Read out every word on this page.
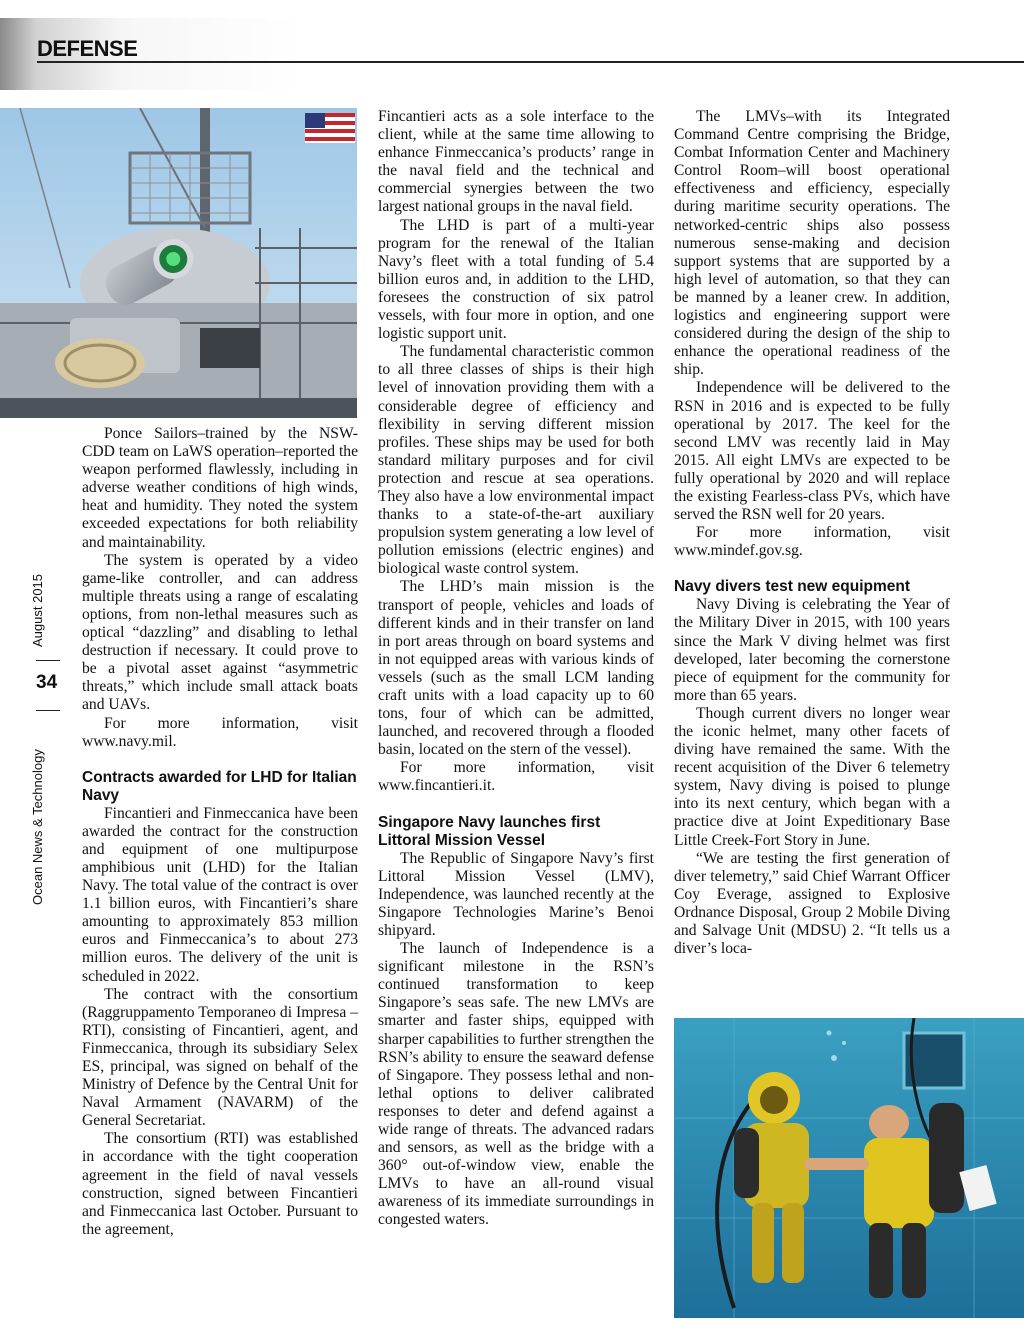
DEFENSE
Ocean News & Technology
34
August 2015

Ponce Sailors–trained by the NSW-CDD team on LaWS operation–reported the weapon performed flawlessly, including in adverse weather conditions of high winds, heat and humidity. They noted the system exceeded expectations for both reliability and maintainability.

The system is operated by a video game-like controller, and can address multiple threats using a range of escalating options, from non-lethal measures such as optical “dazzling” and disabling to lethal destruction if necessary. It could prove to be a pivotal asset against “asymmetric threats,” which include small attack boats and UAVs.

For more information, visit www.navy.mil.

Contracts awarded for LHD for Italian Navy

Fincantieri and Finmeccanica have been awarded the contract for the construction and equipment of one multipurpose amphibious unit (LHD) for the Italian Navy. The total value of the contract is over 1.1 billion euros, with Fincantieri’s share amounting to approximately 853 million euros and Finmeccanica’s to about 273 million euros. The delivery of the unit is scheduled in 2022.

The contract with the consortium (Raggruppamento Temporaneo di Impresa – RTI), consisting of Fincantieri, agent, and Finmeccanica, through its subsidiary Selex ES, principal, was signed on behalf of the Ministry of Defence by the Central Unit for Naval Armament (NAVARM) of the General Secretariat.

The consortium (RTI) was established in accordance with the tight cooperation agreement in the field of naval vessels construction, signed between Fincantieri and Finmeccanica last October. Pursuant to the agreement,

Fincantieri acts as a sole interface to the client, while at the same time allowing to enhance Finmeccanica’s products’ range in the naval field and the technical and commercial synergies between the two largest national groups in the naval field.

The LHD is part of a multi-year program for the renewal of the Italian Navy’s fleet with a total funding of 5.4 billion euros and, in addition to the LHD, foresees the construction of six patrol vessels, with four more in option, and one logistic support unit.

The fundamental characteristic common to all three classes of ships is their high level of innovation providing them with a considerable degree of efficiency and flexibility in serving different mission profiles. These ships may be used for both standard military purposes and for civil protection and rescue at sea operations. They also have a low environmental impact thanks to a state-of-the-art auxiliary propulsion system generating a low level of pollution emissions (electric engines) and biological waste control system.

The LHD’s main mission is the transport of people, vehicles and loads of different kinds and in their transfer on land in port areas through on board systems and in not equipped areas with various kinds of vessels (such as the small LCM landing craft units with a load capacity up to 60 tons, four of which can be admitted, launched, and recovered through a flooded basin, located on the stern of the vessel).

For more information, visit www.fincantieri.it.

Singapore Navy launches first Littoral Mission Vessel

The Republic of Singapore Navy’s first Littoral Mission Vessel (LMV), Independence, was launched recently at the Singapore Technologies Marine’s Benoi shipyard.

The launch of Independence is a significant milestone in the RSN’s continued transformation to keep Singapore’s seas safe. The new LMVs are smarter and faster ships, equipped with sharper capabilities to further strengthen the RSN’s ability to ensure the seaward defense of Singapore. They possess lethal and non-lethal options to deliver calibrated responses to deter and defend against a wide range of threats. The advanced radars and sensors, as well as the bridge with a 360° out-of-window view, enable the LMVs to have an all-round visual awareness of its immediate surroundings in congested waters.

The LMVs–with its Integrated Command Centre comprising the Bridge, Combat Information Center and Machinery Control Room–will boost operational effectiveness and efficiency, especially during maritime security operations. The networked-centric ships also possess numerous sense-making and decision support systems that are supported by a high level of automation, so that they can be manned by a leaner crew. In addition, logistics and engineering support were considered during the design of the ship to enhance the operational readiness of the ship.

Independence will be delivered to the RSN in 2016 and is expected to be fully operational by 2017. The keel for the second LMV was recently laid in May 2015. All eight LMVs are expected to be fully operational by 2020 and will replace the existing Fearless-class PVs, which have served the RSN well for 20 years.

For more information, visit www.mindef.gov.sg.

Navy divers test new equipment

Navy Diving is celebrating the Year of the Military Diver in 2015, with 100 years since the Mark V diving helmet was first developed, later becoming the cornerstone piece of equipment for the community for more than 65 years.

Though current divers no longer wear the iconic helmet, many other facets of diving have remained the same. With the recent acquisition of the Diver 6 telemetry system, Navy diving is poised to plunge into its next century, which began with a practice dive at Joint Expeditionary Base Little Creek-Fort Story in June.

“We are testing the first generation of diver telemetry,” said Chief Warrant Officer Coy Everage, assigned to Explosive Ordnance Disposal, Group 2 Mobile Diving and Salvage Unit (MDSU) 2. “It tells us a diver’s loca-
